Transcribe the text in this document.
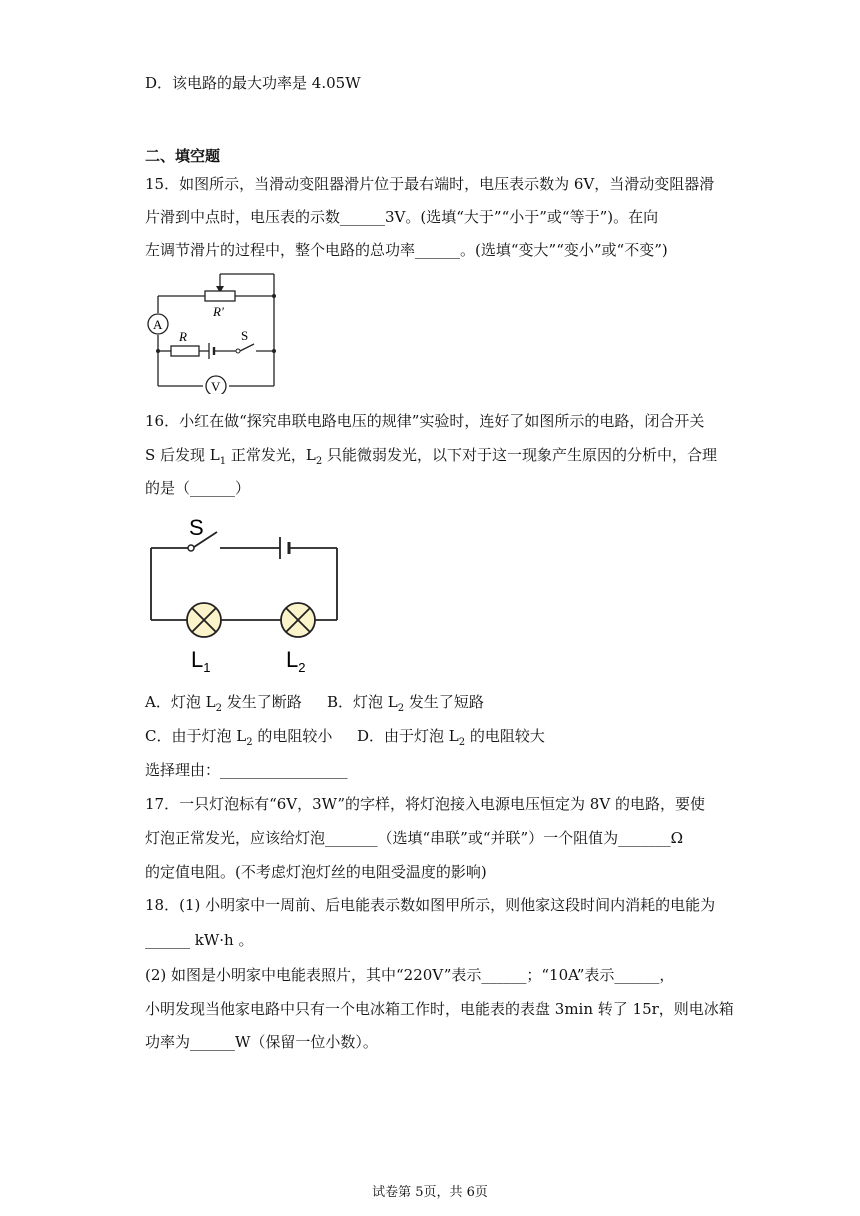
D．该电路的最大功率是 4.05W
二、填空题
15．如图所示，当滑动变阻器滑片位于最右端时，电压表示数为 6V，当滑动变阻器滑
片滑到中点时，电压表的示数______3V。(选填“大于”“小于”或“等于”)。在向
左调节滑片的过程中，整个电路的总功率______。(选填“变大”“变小”或“不变”)
A
V
R'
R	S
16．小红在做“探究串联电路电压的规律”实验时，连好了如图所示的电路，闭合开关
S 后发现 $L_1$ 正常发光，$L_2$ 只能微弱发光，以下对于这一现象产生原因的分析中，合理
的是（______）
S
$L_1$	$L_2$
A．灯泡 $L_2$ 发生了断路 B．灯泡 $L_2$ 发生了短路
C．由于灯泡 $L_2$ 的电阻较小 D．由于灯泡 $L_2$ 的电阻较大
选择理由：_________________
17．一只灯泡标有“6V，3W”的字样，将灯泡接入电源电压恒定为 8V 的电路，要使
灯泡正常发光，应该给灯泡_______（选填“串联”或“并联”）一个阻值为_______Ω
的定值电阻。(不考虑灯泡灯丝的电阻受温度的影响)
18．(1) 小明家中一周前、后电能表示数如图甲所示，则他家这段时间内消耗的电能为
______ kW·h 。
(2) 如图是小明家中电能表照片，其中“220V”表示______；“10A”表示______，
小明发现当他家电路中只有一个电冰箱工作时，电能表的表盘 3min 转了 15r，则电冰箱
功率为______W（保留一位小数）。
试卷第 5页，共 6页
